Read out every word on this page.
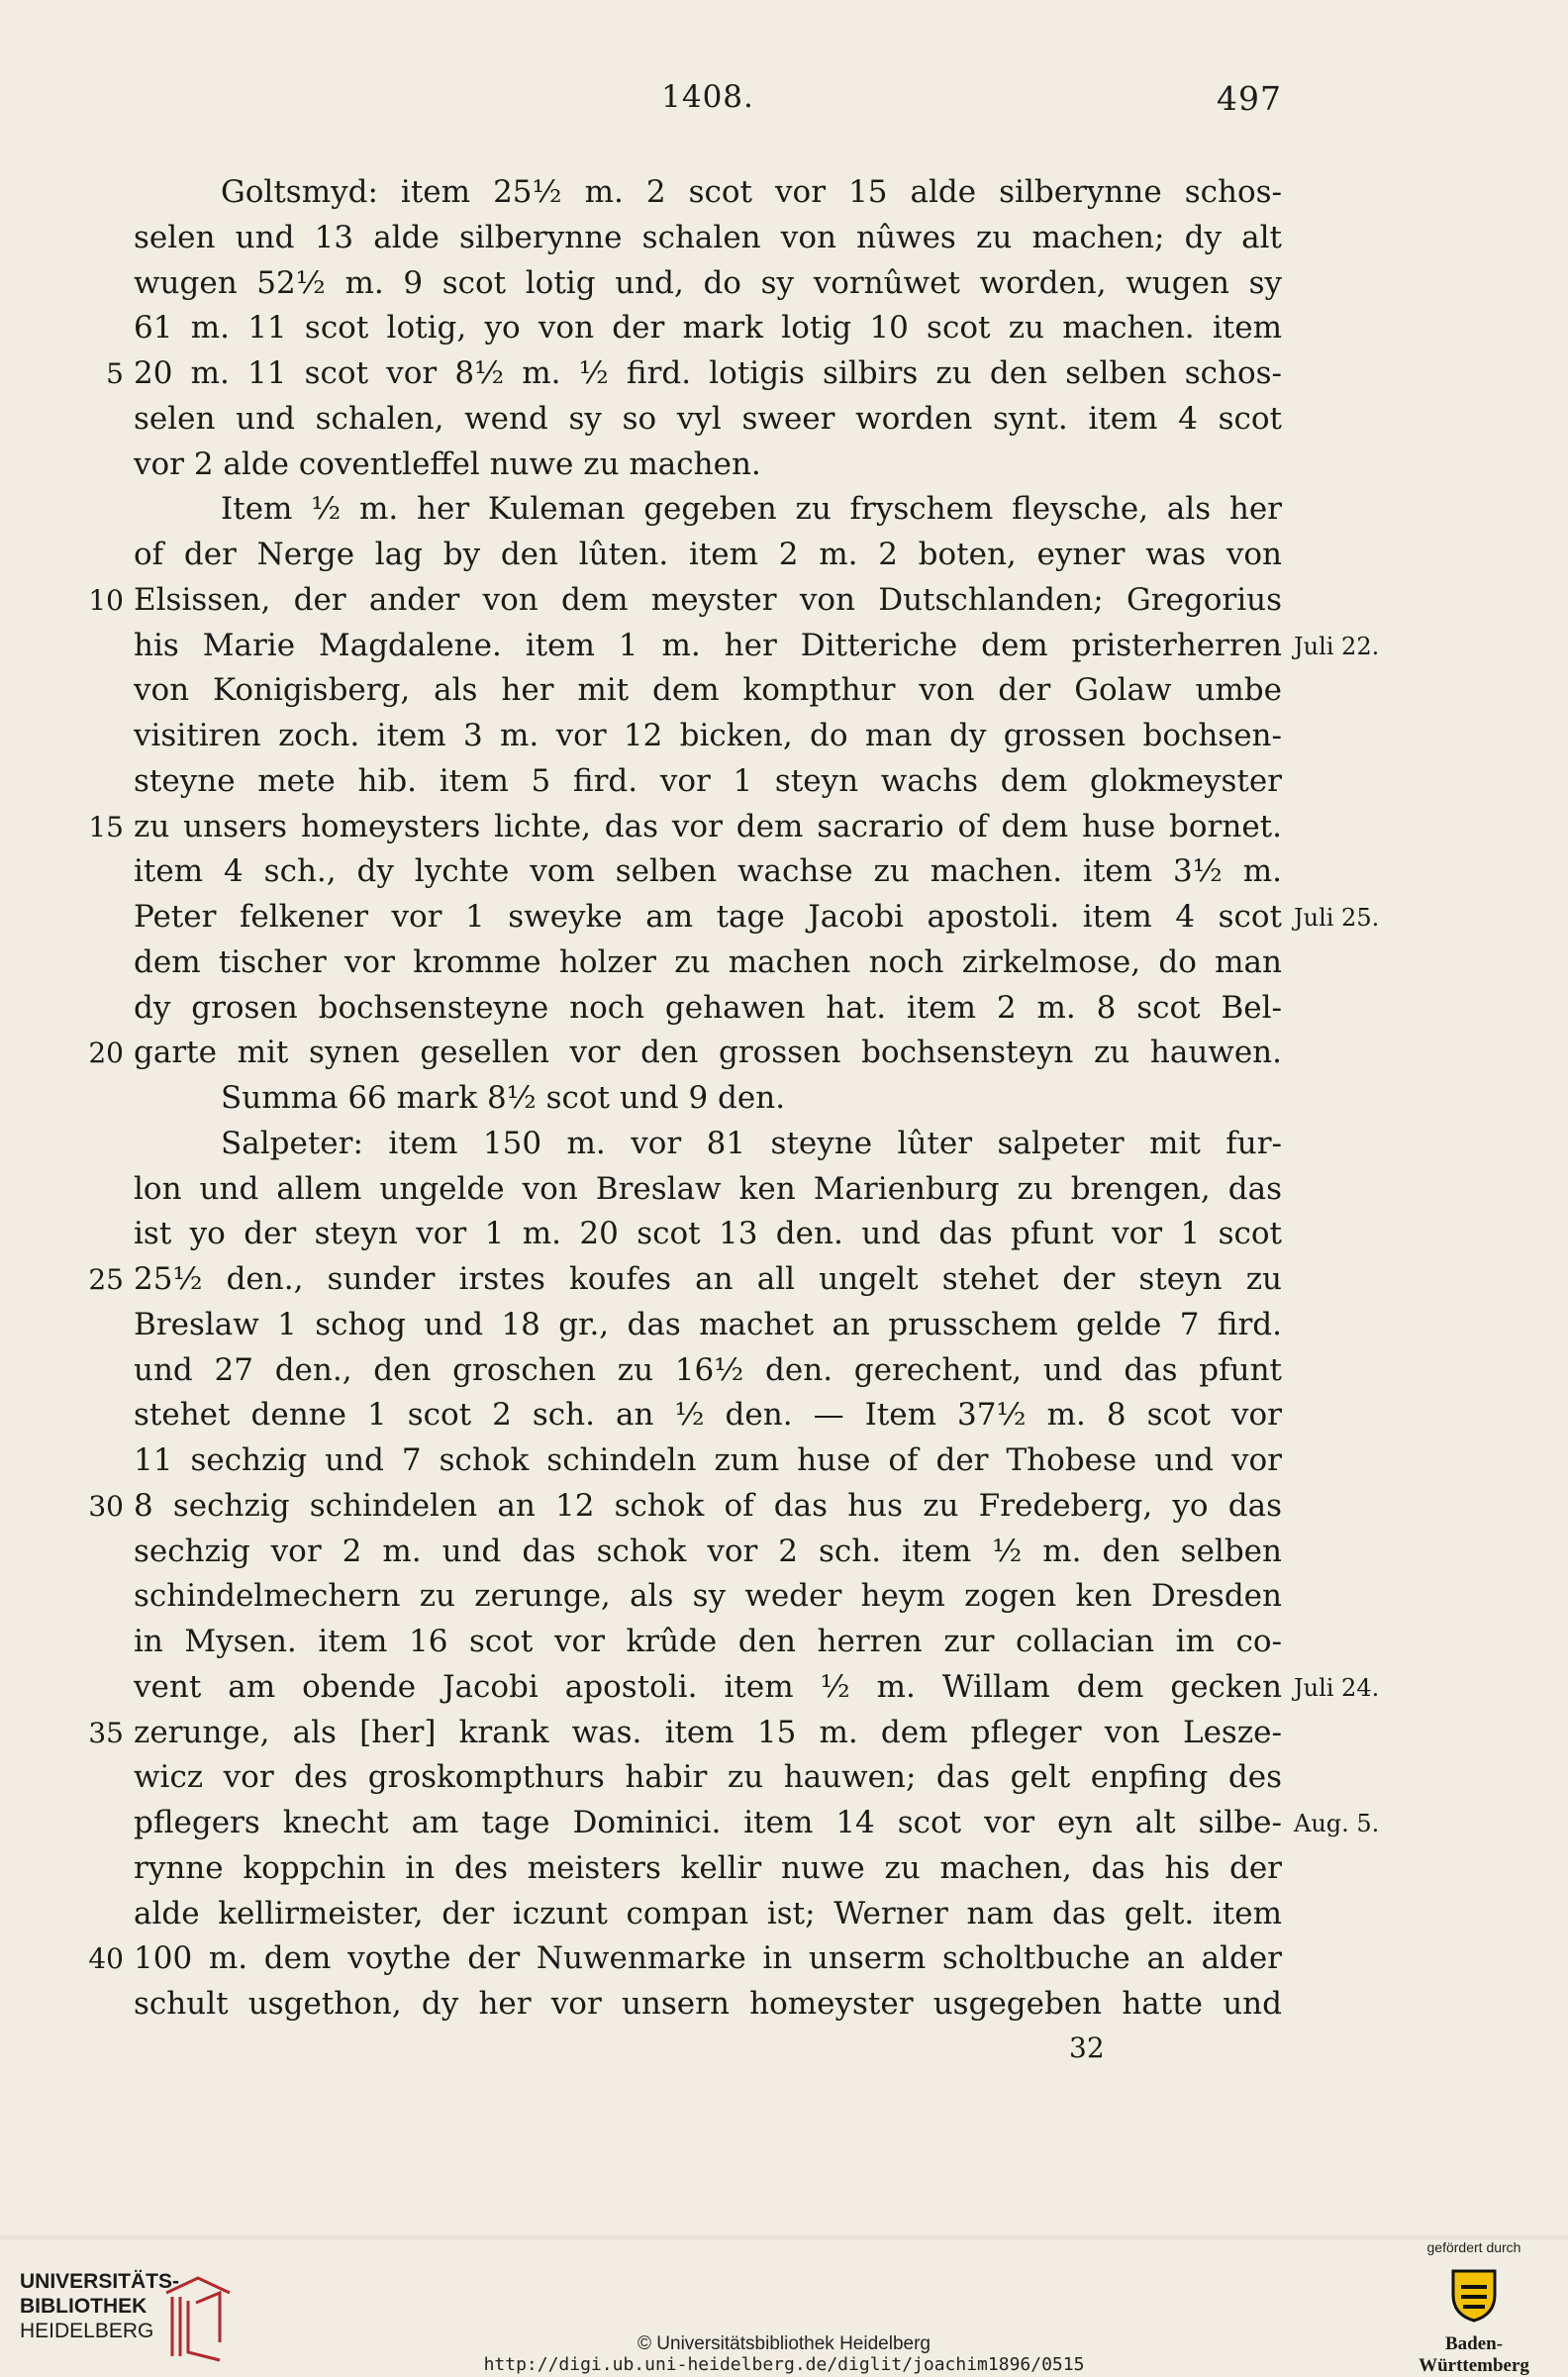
1408.	497
Goltsmyd: item 25½ m. 2 scot vor 15 alde silberynne schos-
selen und 13 alde silberynne schalen von nûwes zu machen; dy alt
wugen 52½ m. 9 scot lotig und, do sy vornûwet worden, wugen sy
61 m. 11 scot lotig, yo von der mark lotig 10 scot zu machen. item
5 20 m. 11 scot vor 8½ m. ½ fird. lotigis silbirs zu den selben schos-
selen und schalen, wend sy so vyl sweer worden synt. item 4 scot
vor 2 alde coventleffel nuwe zu machen.
Item ½ m. her Kuleman gegeben zu fryschem fleysche, als her
of der Nerge lag by den lûten. item 2 m. 2 boten, eyner was von
10 Elsissen, der ander von dem meyster von Dutschlanden; Gregorius
his Marie Magdalene. item 1 m. her Ditteriche dem pristerherren Juli 22.
von Konigisberg, als her mit dem kompthur von der Golaw umbe
visitiren zoch. item 3 m. vor 12 bicken, do man dy grossen bochsen-
steyne mete hib. item 5 fird. vor 1 steyn wachs dem glokmeyster
15 zu unsers homeysters lichte, das vor dem sacrario of dem huse bornet.
item 4 sch., dy lychte vom selben wachse zu machen. item 3½ m.
Peter felkener vor 1 sweyke am tage Jacobi apostoli. item 4 scot Juli 25.
dem tischer vor kromme holzer zu machen noch zirkelmose, do man
dy grosen bochsensteyne noch gehawen hat. item 2 m. 8 scot Bel-
20 garte mit synen gesellen vor den grossen bochsensteyn zu hauwen.
Summa 66 mark 8½ scot und 9 den.
Salpeter: item 150 m. vor 81 steyne lûter salpeter mit fur-
lon und allem ungelde von Breslaw ken Marienburg zu brengen, das
ist yo der steyn vor 1 m. 20 scot 13 den. und das pfunt vor 1 scot
25 25½ den., sunder irstes koufes an all ungelt stehet der steyn zu
Breslaw 1 schog und 18 gr., das machet an prusschem gelde 7 fird.
und 27 den., den groschen zu 16½ den. gerechent, und das pfunt
stehet denne 1 scot 2 sch. an ½ den. — Item 37½ m. 8 scot vor
11 sechzig und 7 schok schindeln zum huse of der Thobese und vor
30 8 sechzig schindelen an 12 schok of das hus zu Fredeberg, yo das
sechzig vor 2 m. und das schok vor 2 sch. item ½ m. den selben
schindelmechern zu zerunge, als sy weder heym zogen ken Dresden
in Mysen. item 16 scot vor krûde den herren zur collacian im co-
vent am obende Jacobi apostoli. item ½ m. Willam dem gecken Juli 24.
35 zerunge, als [her] krank was. item 15 m. dem pfleger von Lesze-
wicz vor des groskompthurs habir zu hauwen; das gelt enpfing des
pflegers knecht am tage Dominici. item 14 scot vor eyn alt silbe- Aug. 5.
rynne koppchin in des meisters kellir nuwe zu machen, das his der
alde kellirmeister, der iczunt compan ist; Werner nam das gelt. item
40 100 m. dem voythe der Nuwenmarke in unserm scholtbuche an alder
schult usgethon, dy her vor unsern homeyster usgegeben hatte und
32
UNIVERSITÄTS-
BIBLIOTHEK
HEIDELBERG
© Universitätsbibliothek Heidelberg
http://digi.ub.uni-heidelberg.de/diglit/joachim1896/0515
gefördert durch
Baden-Württemberg
